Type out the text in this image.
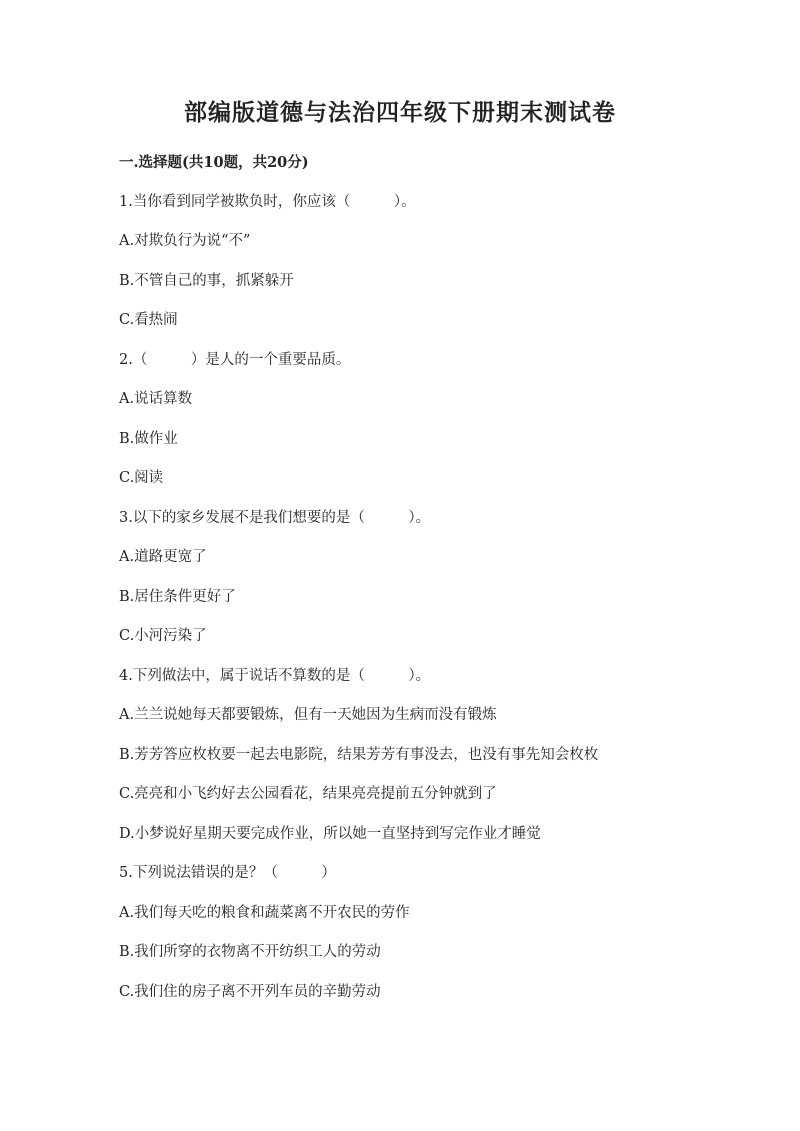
部编版道德与法治四年级下册期末测试卷
一.选择题(共10题，共20分)

1.当你看到同学被欺负时，你应该（　　　）。

A.对欺负行为说“不”

B.不管自己的事，抓紧躲开

C.看热闹

2.（　　　）是人的一个重要品质。

A.说话算数

B.做作业

C.阅读

3.以下的家乡发展不是我们想要的是（　　　）。

A.道路更宽了

B.居住条件更好了

C.小河污染了

4.下列做法中，属于说话不算数的是（　　　）。

A.兰兰说她每天都要锻炼，但有一天她因为生病而没有锻炼

B.芳芳答应枚枚要一起去电影院，结果芳芳有事没去，也没有事先知会枚枚

C.亮亮和小飞约好去公园看花，结果亮亮提前五分钟就到了

D.小梦说好星期天要完成作业，所以她一直坚持到写完作业才睡觉

5.下列说法错误的是？（　　　）

A.我们每天吃的粮食和蔬菜离不开农民的劳作

B.我们所穿的衣物离不开纺织工人的劳动

C.我们住的房子离不开列车员的辛勤劳动
